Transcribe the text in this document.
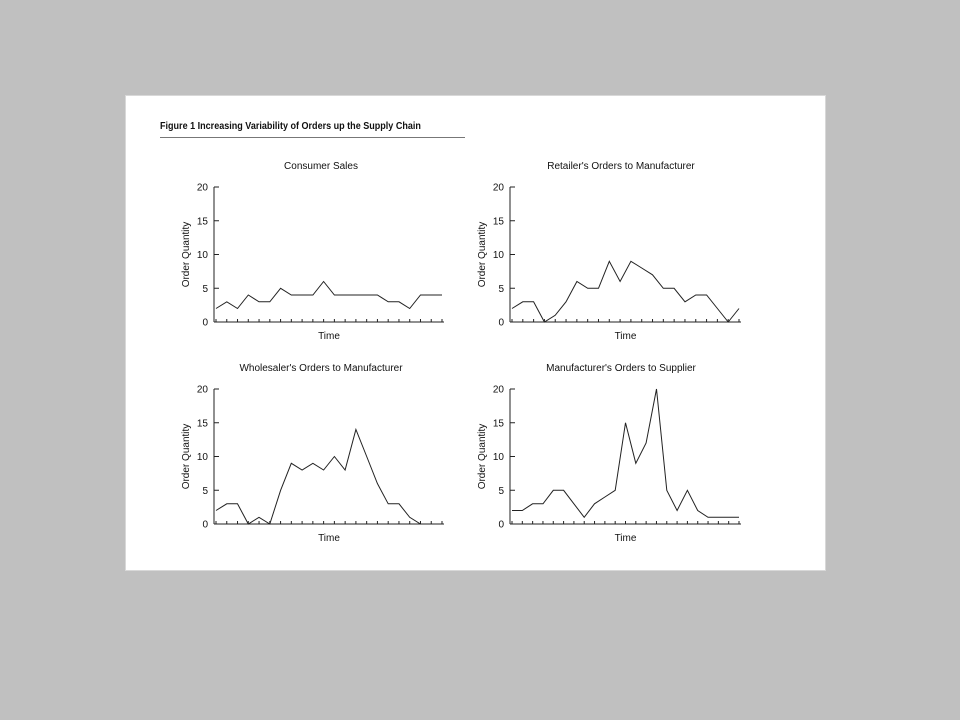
Figure 1 Increasing Variability of Orders up the Supply Chain
Consumer Sales
0
5
10
15
20
Time
Order Quantity
Retailer's Orders to Manufacturer
0
5
10
15
20
Time
Order Quantity
Wholesaler's Orders to Manufacturer
0
5
10
15
20
Time
Order Quantity
Manufacturer's Orders to Supplier
0
5
10
15
20
Time
Order Quantity
